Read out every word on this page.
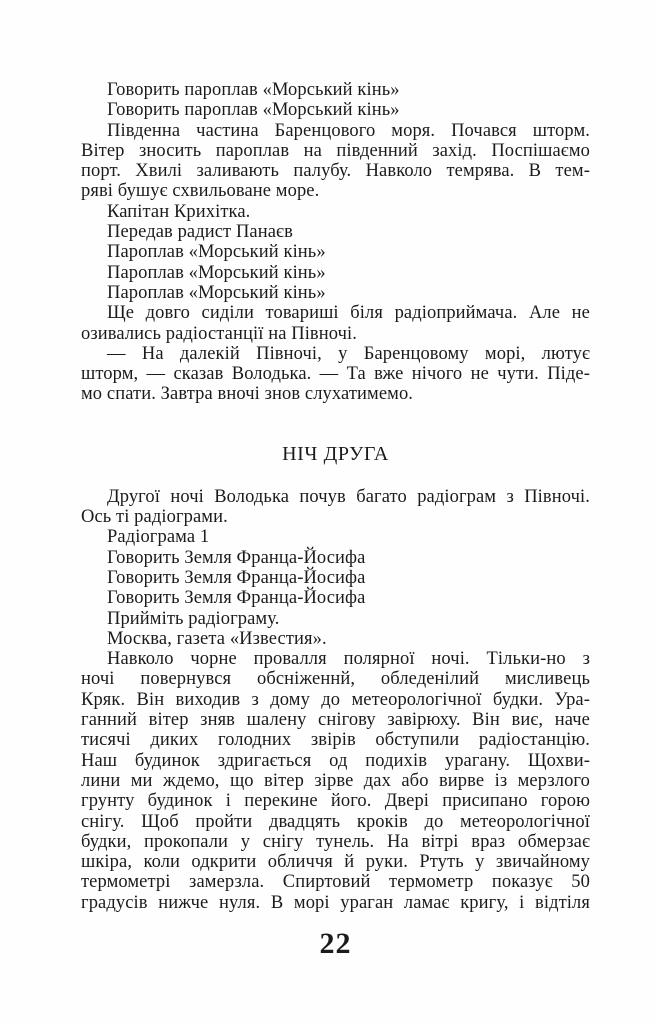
Говорить пароплав «Морський кінь»
Говорить пароплав «Морський кінь»
Південна частина Баренцового моря. Почався шторм.
Вітер зносить пароплав на південний захід. Поспішаємо
порт. Хвилі заливають палубу. Навколо темрява. В тем-
ряві бушує схвильоване море.
Капітан Крихітка.
Передав радист Панаєв
Пароплав «Морський кінь»
Пароплав «Морський кінь»
Пароплав «Морський кінь»
Ще довго сиділи товариші біля радіоприймача. Але не
озивались радіостанції на Півночі.
— На далекій Півночі, у Баренцовому морі, лютує
шторм, — сказав Володька. — Та вже нічого не чути. Піде-
мо спати. Завтра вночі знов слухатимемо.
НІЧ ДРУГА
Другої ночі Володька почув багато радіограм з Півночі.
Ось ті радіограми.
Радіограма 1
Говорить Земля Франца-Йосифа
Говорить Земля Франца-Йосифа
Говорить Земля Франца-Йосифа
Прийміть радіограму.
Москва, газета «Известия».
Навколо чорне провалля полярної ночі. Тільки-но з
ночі повернувся обсніженнй, обледенілий мисливець
Кряк. Він виходив з дому до метеорологічної будки. Ура-
ганний вітер зняв шалену снігову завірюху. Він виє, наче
тисячі диких голодних звірів обступили радіостанцію.
Наш будинок здригається од подихів урагану. Щохви-
лини ми ждемо, що вітер зірве дах або вирве із мерзлого
грунту будинок і перекине його. Двері присипано горою
снігу. Щоб пройти двадцять кроків до метеорологічної
будки, прокопали у снігу тунель. На вітрі враз обмерзає
шкіра, коли одкрити обличчя й руки. Ртуть у звичайному
термометрі замерзла. Спиртовий термометр показує 50
градусів нижче нуля. В морі ураган ламає кригу, і відтіля
22
